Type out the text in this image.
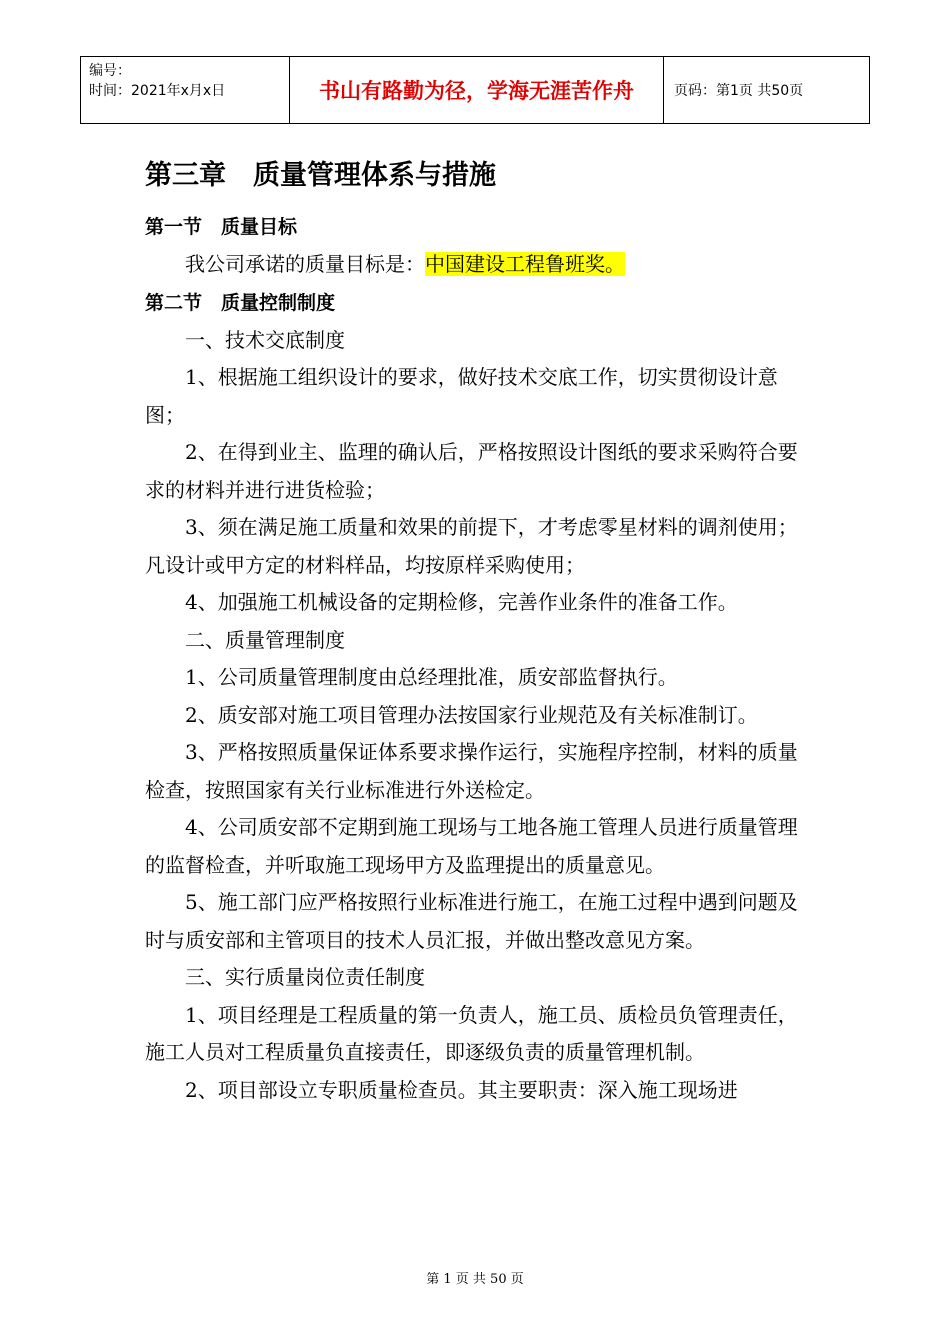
编号：
时间：2021年x月x日	书山有路勤为径，学海无涯苦作舟	页码：第1页 共50页
第三章　质量管理体系与措施
第一节　质量目标

我公司承诺的质量目标是：中国建设工程鲁班奖。

第二节　质量控制制度

一、技术交底制度

1、根据施工组织设计的要求，做好技术交底工作，切实贯彻设计意图；

2、在得到业主、监理的确认后，严格按照设计图纸的要求采购符合要求的材料并进行进货检验；

3、须在满足施工质量和效果的前提下，才考虑零星材料的调剂使用；凡设计或甲方定的材料样品，均按原样采购使用；

4、加强施工机械设备的定期检修，完善作业条件的准备工作。

二、质量管理制度

1、公司质量管理制度由总经理批准，质安部监督执行。

2、质安部对施工项目管理办法按国家行业规范及有关标准制订。

3、严格按照质量保证体系要求操作运行，实施程序控制，材料的质量检查，按照国家有关行业标准进行外送检定。

4、公司质安部不定期到施工现场与工地各施工管理人员进行质量管理的监督检查，并听取施工现场甲方及监理提出的质量意见。

5、施工部门应严格按照行业标准进行施工，在施工过程中遇到问题及时与质安部和主管项目的技术人员汇报，并做出整改意见方案。

三、实行质量岗位责任制度

1、项目经理是工程质量的第一负责人，施工员、质检员负管理责任，施工人员对工程质量负直接责任，即逐级负责的质量管理机制。

2、项目部设立专职质量检查员。其主要职责：深入施工现场进

第 1 页 共 50 页
